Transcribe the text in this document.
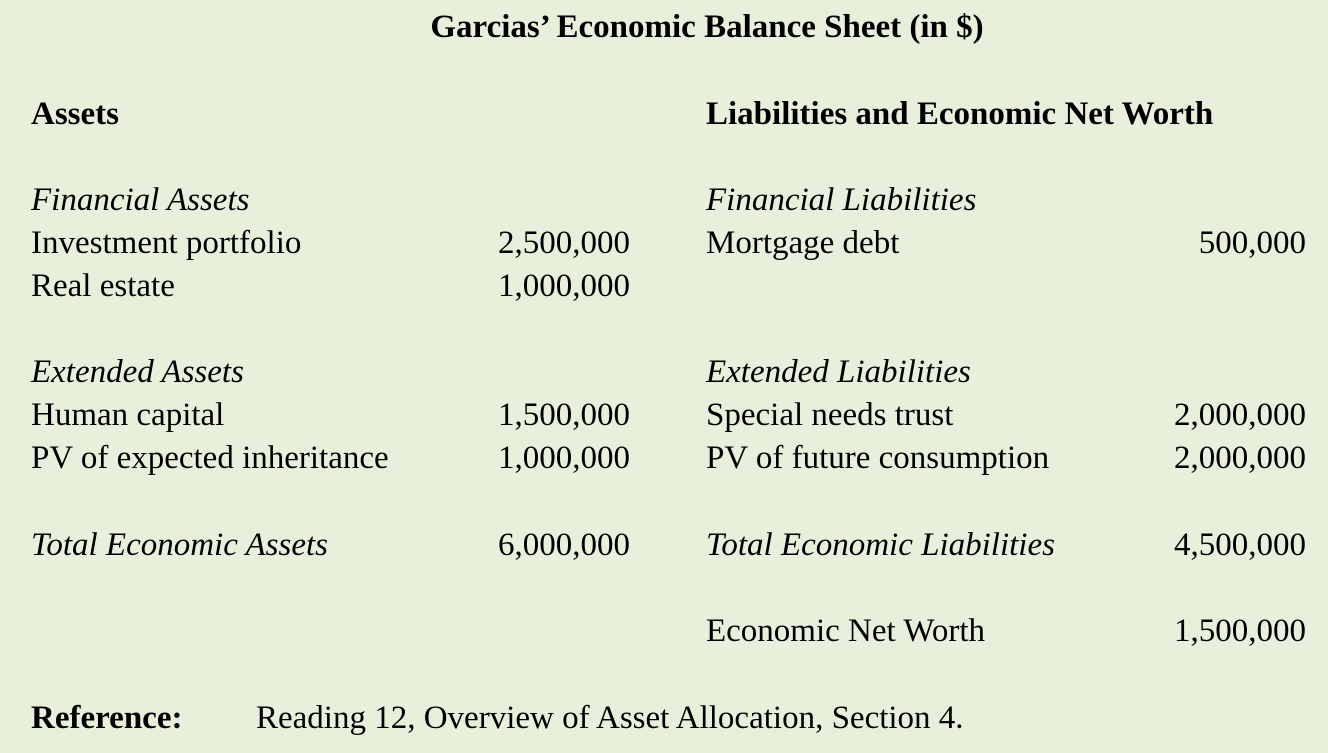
Garcias’ Economic Balance Sheet (in $)
Assets
Financial Assets
Investment portfolio	2,500,000
Real estate	1,000,000
Extended Assets
Human capital	1,500,000
PV of expected inheritance	1,000,000
Total Economic Assets	6,000,000
Liabilities and Economic Net Worth
Financial Liabilities
Mortgage debt	500,000
Extended Liabilities
Special needs trust	2,000,000
PV of future consumption	2,000,000
Total Economic Liabilities	4,500,000
Economic Net Worth	1,500,000
Reference: Reading 12, Overview of Asset Allocation, Section 4.
